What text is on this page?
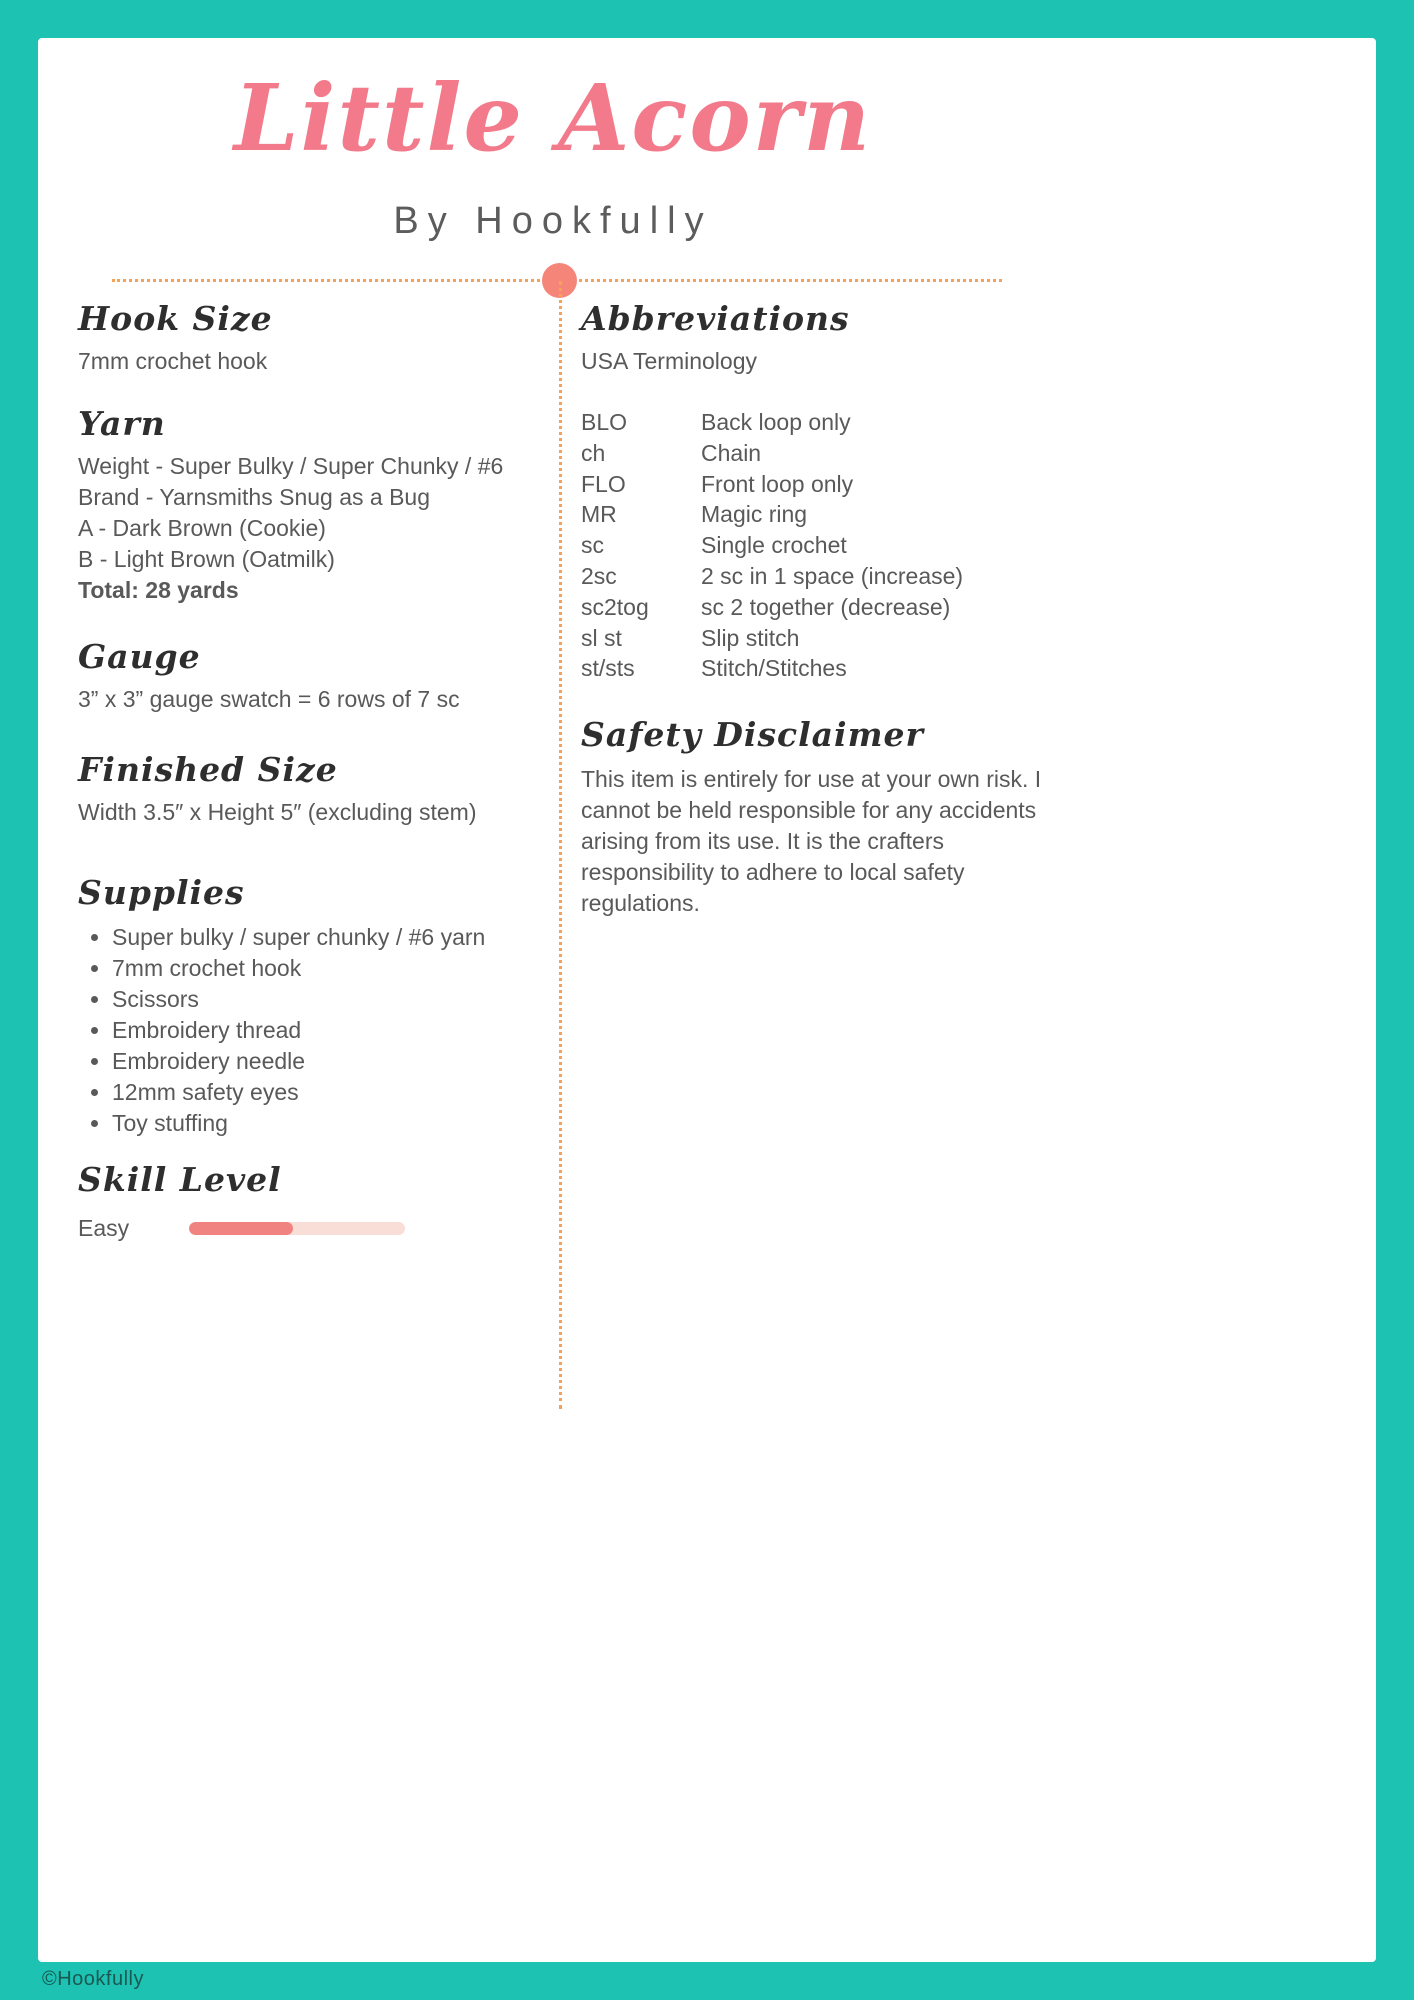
Little Acorn
By Hookfully
Hook Size
7mm crochet hook
Yarn
Weight - Super Bulky / Super Chunky / #6
Brand - Yarnsmiths Snug as a Bug
A - Dark Brown (Cookie)
B - Light Brown (Oatmilk)
Total: 28 yards
Gauge
3” x 3” gauge swatch = 6 rows of 7 sc
Finished Size
Width 3.5″ x Height 5″ (excluding stem)
Supplies
• Super bulky / super chunky / #6 yarn
• 7mm crochet hook
• Scissors
• Embroidery thread
• Embroidery needle
• 12mm safety eyes
• Toy stuffing
Skill Level
Easy
Abbreviations
USA Terminology
BLO	Back loop only
ch	Chain
FLO	Front loop only
MR	Magic ring
sc	Single crochet
2sc	2 sc in 1 space (increase)
sc2tog	sc 2 together (decrease)
sl st	Slip stitch
st/sts	Stitch/Stitches
Safety Disclaimer
This item is entirely for use at your own risk. I cannot be held responsible for any accidents arising from its use. It is the crafters responsibility to adhere to local safety regulations.
©Hookfully
